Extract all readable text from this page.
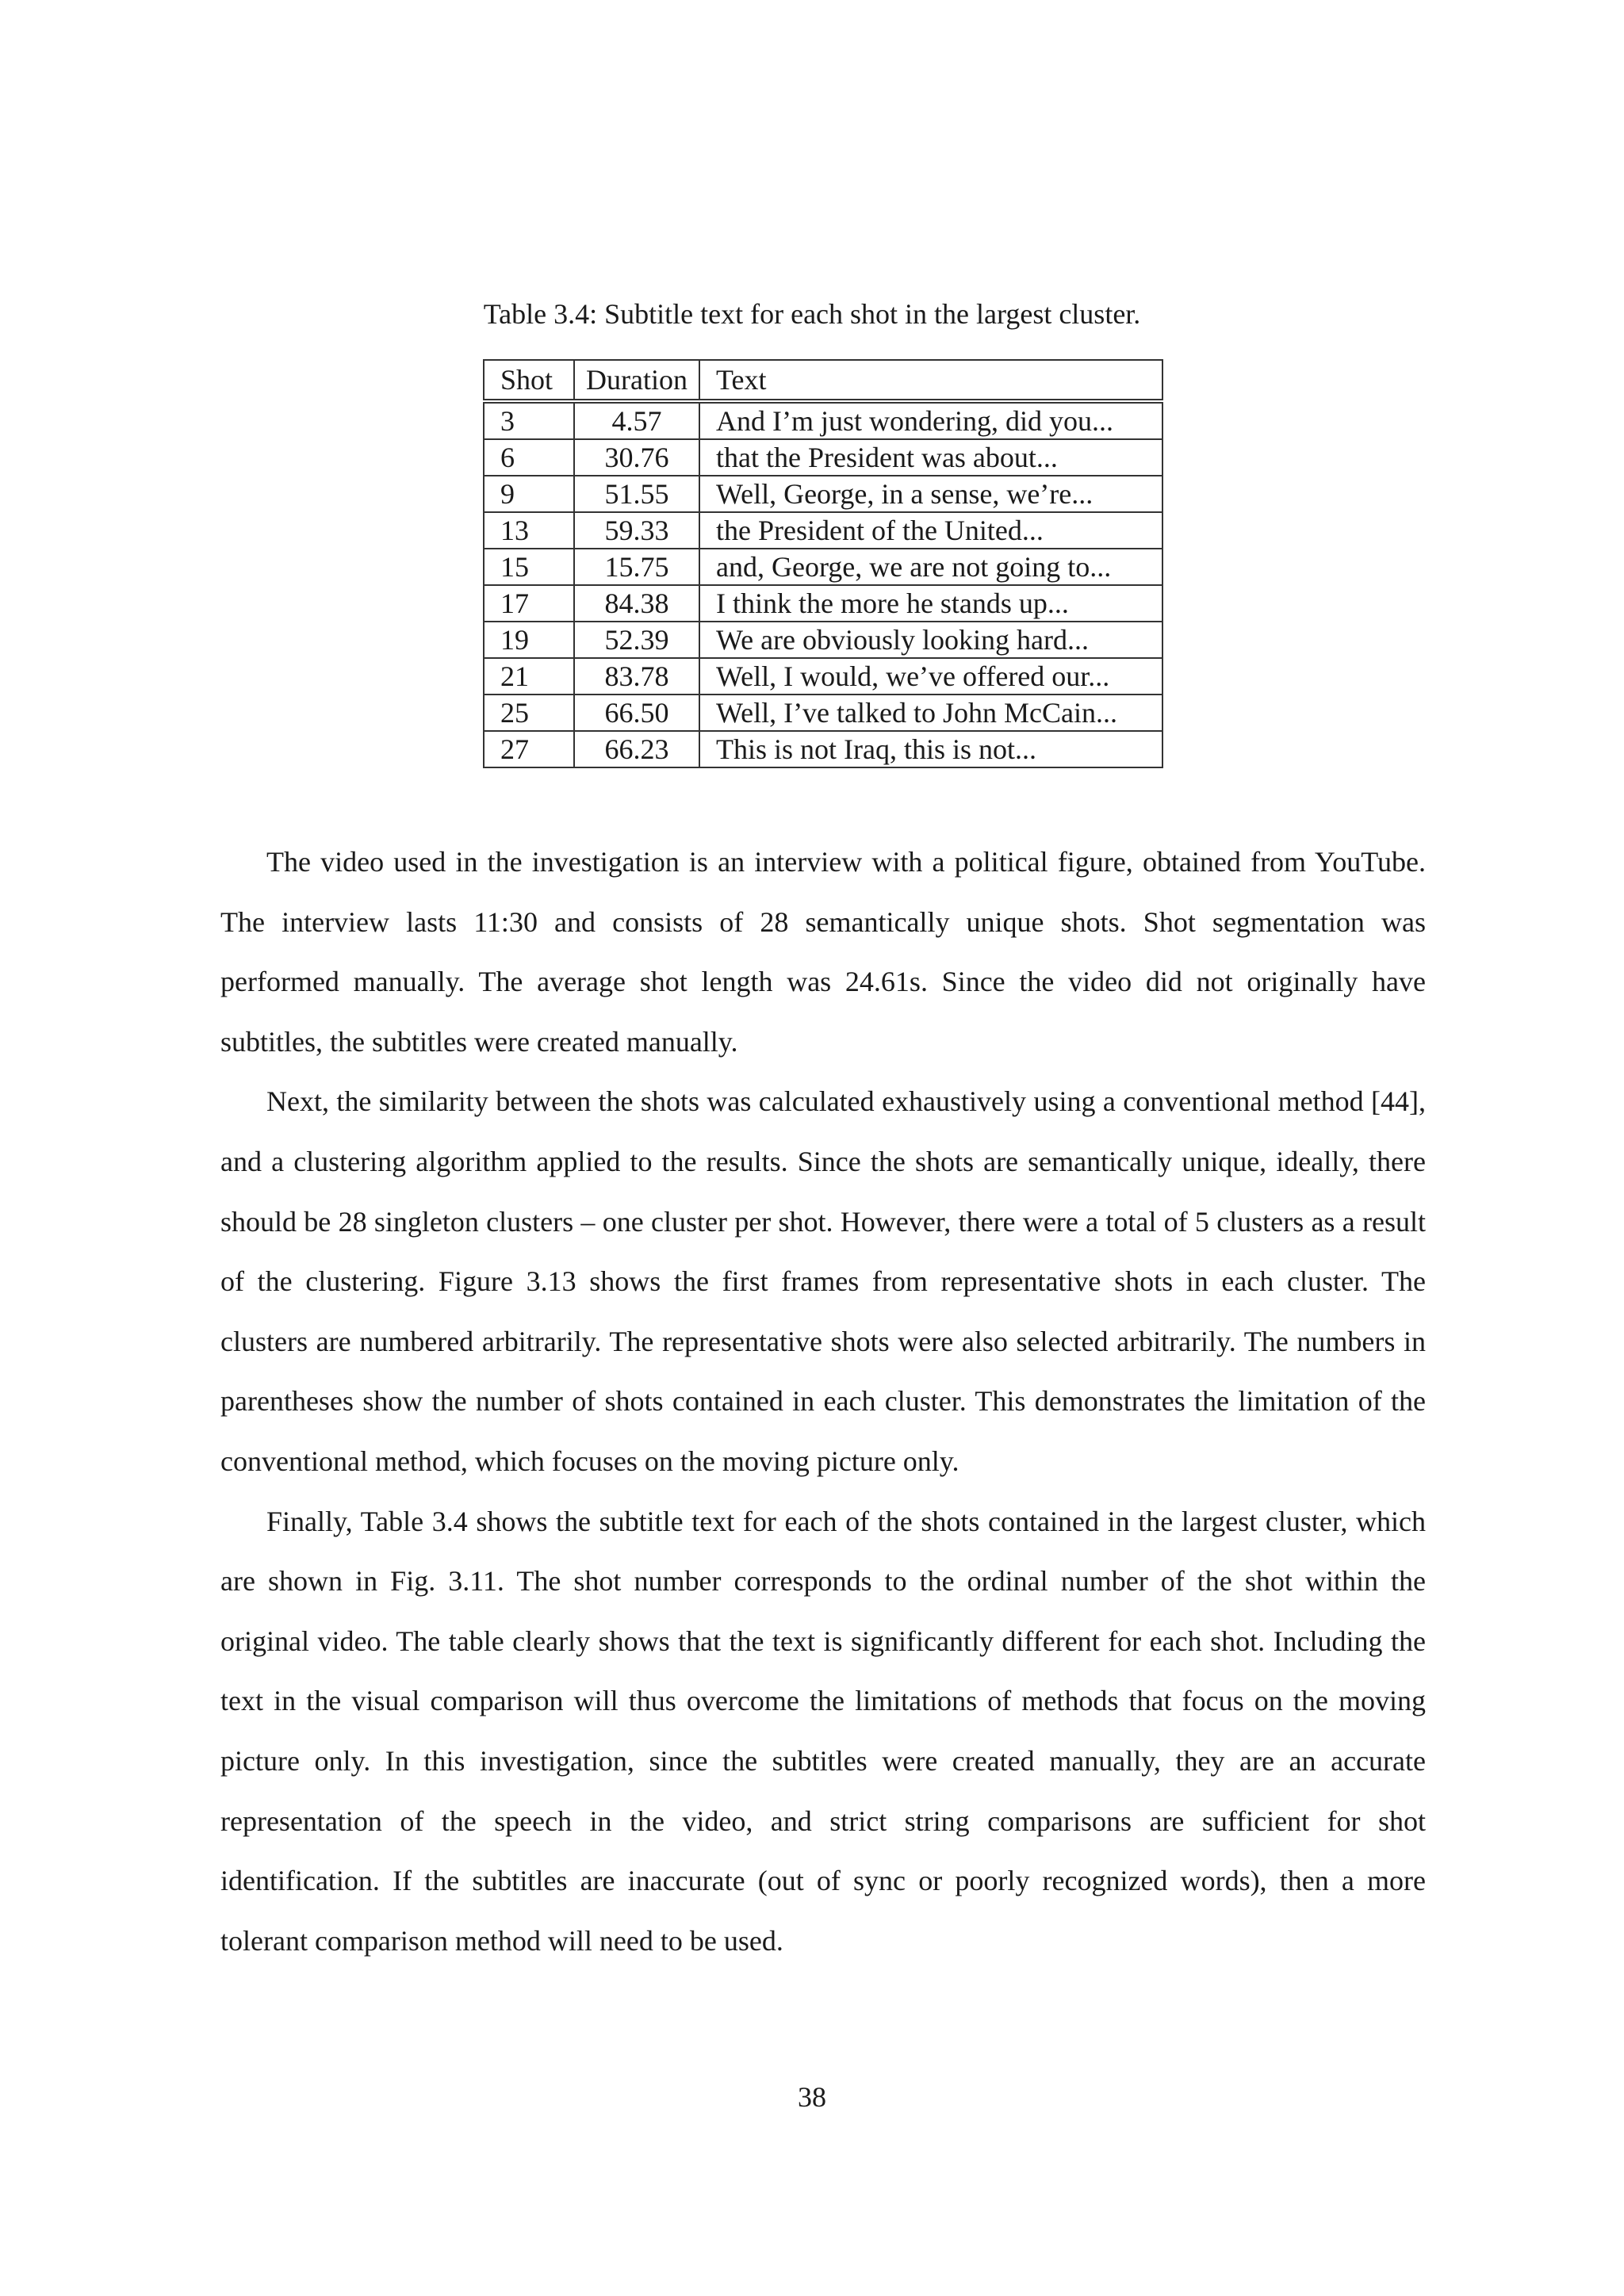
Table 3.4: Subtitle text for each shot in the largest cluster.
Shot	Duration	Text
3	4.57	And I’m just wondering, did you...
6	30.76	that the President was about...
9	51.55	Well, George, in a sense, we’re...
13	59.33	the President of the United...
15	15.75	and, George, we are not going to...
17	84.38	I think the more he stands up...
19	52.39	We are obviously looking hard...
21	83.78	Well, I would, we’ve offered our...
25	66.50	Well, I’ve talked to John McCain...
27	66.23	This is not Iraq, this is not...

The video used in the investigation is an interview with a political figure, obtained from YouTube. The interview lasts 11:30 and consists of 28 semantically unique shots. Shot segmentation was performed manually. The average shot length was 24.61s. Since the video did not originally have subtitles, the subtitles were created manually.

Next, the similarity between the shots was calculated exhaustively using a conventional method [44], and a clustering algorithm applied to the results. Since the shots are semantically unique, ideally, there should be 28 singleton clusters – one cluster per shot. However, there were a total of 5 clusters as a result of the clustering. Figure 3.13 shows the first frames from representative shots in each cluster. The clusters are numbered arbitrarily. The representative shots were also selected arbitrarily. The numbers in parentheses show the number of shots contained in each cluster. This demonstrates the limitation of the conventional method, which focuses on the moving picture only.

Finally, Table 3.4 shows the subtitle text for each of the shots contained in the largest cluster, which are shown in Fig. 3.11. The shot number corresponds to the ordinal number of the shot within the original video. The table clearly shows that the text is significantly different for each shot. Including the text in the visual comparison will thus overcome the limitations of methods that focus on the moving picture only. In this investigation, since the subtitles were created manually, they are an accurate representation of the speech in the video, and strict string comparisons are sufficient for shot identification. If the subtitles are inaccurate (out of sync or poorly recognized words), then a more tolerant comparison method will need to be used.

38
